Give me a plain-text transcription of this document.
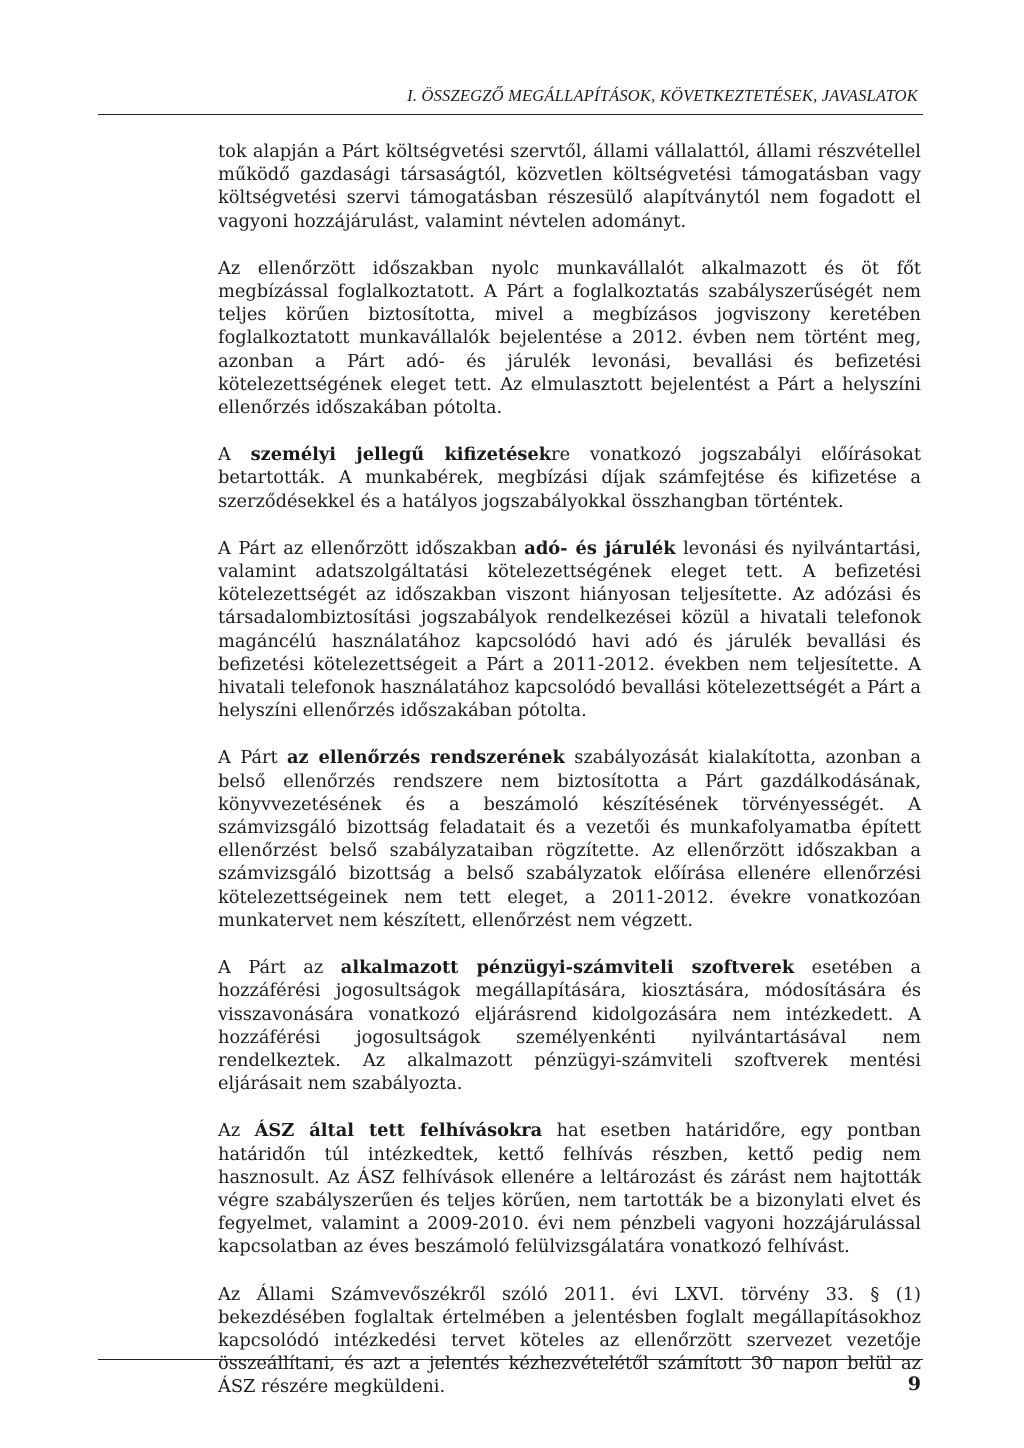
I. ÖSSZEGZŐ MEGÁLLAPÍTÁSOK, KÖVETKEZTETÉSEK, JAVASLATOK

tok alapján a Párt költségvetési szervtől, állami vállalattól, állami részvétellel működő gazdasági társaságtól, közvetlen költségvetési támogatásban vagy költségvetési szervi támogatásban részesülő alapítványtól nem fogadott el vagyoni hozzájárulást, valamint névtelen adományt.

Az ellenőrzött időszakban nyolc munkavállalót alkalmazott és öt főt megbízással foglalkoztatott. A Párt a foglalkoztatás szabályszerűségét nem teljes körűen biztosította, mivel a megbízásos jogviszony keretében foglalkoztatott munkavállalók bejelentése a 2012. évben nem történt meg, azonban a Párt adó- és járulék levonási, bevallási és befizetési kötelezettségének eleget tett. Az elmulasztott bejelentést a Párt a helyszíni ellenőrzés időszakában pótolta.

A személyi jellegű kifizetésekre vonatkozó jogszabályi előírásokat betartották. A munkabérek, megbízási díjak számfejtése és kifizetése a szerződésekkel és a hatályos jogszabályokkal összhangban történtek.

A Párt az ellenőrzött időszakban adó- és járulék levonási és nyilvántartási, valamint adatszolgáltatási kötelezettségének eleget tett. A befizetési kötelezettségét az időszakban viszont hiányosan teljesítette. Az adózási és társadalombiztosítási jogszabályok rendelkezései közül a hivatali telefonok magáncélú használatához kapcsolódó havi adó és járulék bevallási és befizetési kötelezettségeit a Párt a 2011-2012. években nem teljesítette. A hivatali telefonok használatához kapcsolódó bevallási kötelezettségét a Párt a helyszíni ellenőrzés időszakában pótolta.

A Párt az ellenőrzés rendszerének szabályozását kialakította, azonban a belső ellenőrzés rendszere nem biztosította a Párt gazdálkodásának, könyvvezetésének és a beszámoló készítésének törvényességét. A számvizsgáló bizottság feladatait és a vezetői és munkafolyamatba épített ellenőrzést belső szabályzataiban rögzítette. Az ellenőrzött időszakban a számvizsgáló bizottság a belső szabályzatok előírása ellenére ellenőrzési kötelezettségeinek nem tett eleget, a 2011-2012. évekre vonatkozóan munkatervet nem készített, ellenőrzést nem végzett.

A Párt az alkalmazott pénzügyi-számviteli szoftverek esetében a hozzáférési jogosultságok megállapítására, kiosztására, módosítására és visszavonására vonatkozó eljárásrend kidolgozására nem intézkedett. A hozzáférési jogosultságok személyenkénti nyilvántartásával nem rendelkeztek. Az alkalmazott pénzügyi-számviteli szoftverek mentési eljárásait nem szabályozta.

Az ÁSZ által tett felhívásokra hat esetben határidőre, egy pontban határidőn túl intézkedtek, kettő felhívás részben, kettő pedig nem hasznosult. Az ÁSZ felhívások ellenére a leltározást és zárást nem hajtották végre szabályszerűen és teljes körűen, nem tartották be a bizonylati elvet és fegyelmet, valamint a 2009-2010. évi nem pénzbeli vagyoni hozzájárulással kapcsolatban az éves beszámoló felülvizsgálatára vonatkozó felhívást.

Az Állami Számvevőszékről szóló 2011. évi LXVI. törvény 33. § (1) bekezdésében foglaltak értelmében a jelentésben foglalt megállapításokhoz kapcsolódó intézkedési tervet köteles az ellenőrzött szervezet vezetője összeállítani, és azt a jelentés kézhezvételétől számított 30 napon belül az ÁSZ részére megküldeni.	9
